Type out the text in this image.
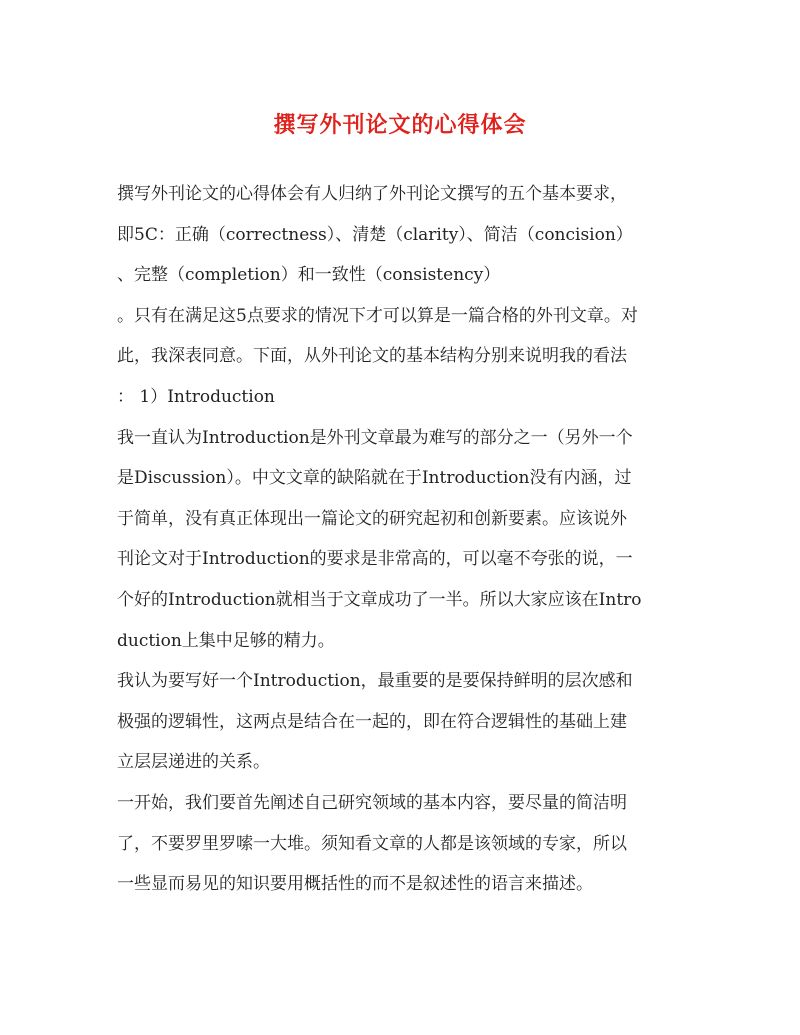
撰写外刊论文的心得体会
撰写外刊论文的心得体会有人归纳了外刊论文撰写的五个基本要求，
即5C：正确（correctness）、清楚（clarity）、简洁（concision）
、完整（completion）和一致性（consistency）
。只有在满足这5点要求的情况下才可以算是一篇合格的外刊文章。对
此，我深表同意。下面，从外刊论文的基本结构分别来说明我的看法
： 1）Introduction
我一直认为Introduction是外刊文章最为难写的部分之一（另外一个
是Discussion）。中文文章的缺陷就在于Introduction没有内涵，过
于简单，没有真正体现出一篇论文的研究起初和创新要素。应该说外
刊论文对于Introduction的要求是非常高的，可以毫不夸张的说，一
个好的Introduction就相当于文章成功了一半。所以大家应该在Intro
duction上集中足够的精力。
我认为要写好一个Introduction，最重要的是要保持鲜明的层次感和
极强的逻辑性，这两点是结合在一起的，即在符合逻辑性的基础上建
立层层递进的关系。
一开始，我们要首先阐述自己研究领域的基本内容，要尽量的简洁明
了，不要罗里罗嗦一大堆。须知看文章的人都是该领域的专家，所以
一些显而易见的知识要用概括性的而不是叙述性的语言来描述。
